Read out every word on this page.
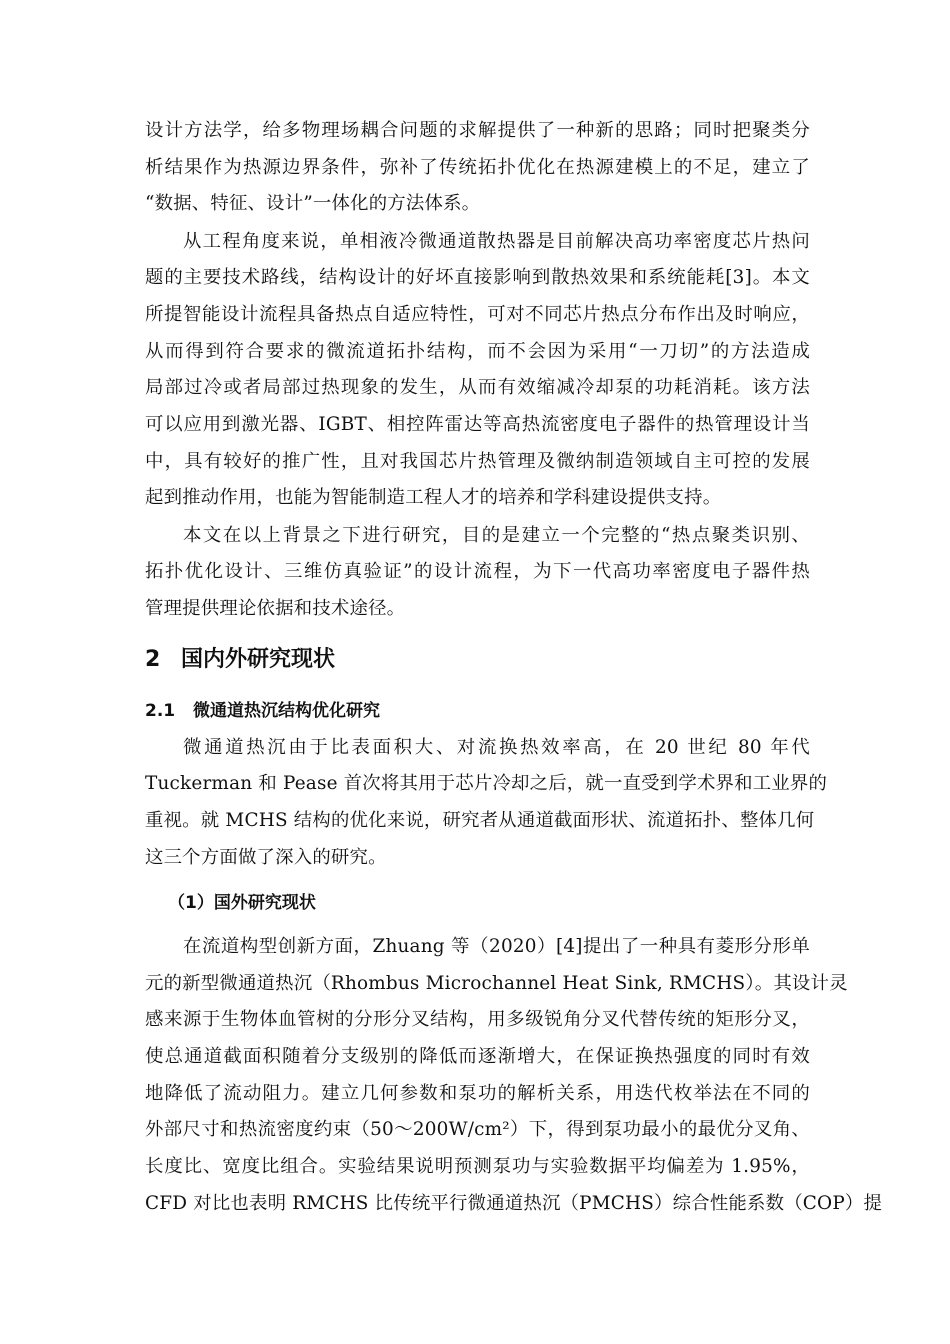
设计方法学，给多物理场耦合问题的求解提供了一种新的思路；同时把聚类分
析结果作为热源边界条件，弥补了传统拓扑优化在热源建模上的不足，建立了
“数据、特征、设计”一体化的方法体系。
从工程角度来说，单相液冷微通道散热器是目前解决高功率密度芯片热问
题的主要技术路线，结构设计的好坏直接影响到散热效果和系统能耗[3]。本文
所提智能设计流程具备热点自适应特性，可对不同芯片热点分布作出及时响应，
从而得到符合要求的微流道拓扑结构，而不会因为采用“一刀切”的方法造成
局部过冷或者局部过热现象的发生，从而有效缩减冷却泵的功耗消耗。该方法
可以应用到激光器、IGBT、相控阵雷达等高热流密度电子器件的热管理设计当
中，具有较好的推广性，且对我国芯片热管理及微纳制造领域自主可控的发展
起到推动作用，也能为智能制造工程人才的培养和学科建设提供支持。
本文在以上背景之下进行研究，目的是建立一个完整的“热点聚类识别、
拓扑优化设计、三维仿真验证”的设计流程，为下一代高功率密度电子器件热
管理提供理论依据和技术途径。
2 国内外研究现状
2.1 微通道热沉结构优化研究
微通道热沉由于比表面积大、对流换热效率高，在 20 世纪 80 年代
Tuckerman 和 Pease 首次将其用于芯片冷却之后，就一直受到学术界和工业界的
重视。就 MCHS 结构的优化来说，研究者从通道截面形状、流道拓扑、整体几何
这三个方面做了深入的研究。
（1）国外研究现状
在流道构型创新方面，Zhuang 等（2020）[4]提出了一种具有菱形分形单
元的新型微通道热沉（Rhombus Microchannel Heat Sink, RMCHS）。其设计灵
感来源于生物体血管树的分形分叉结构，用多级锐角分叉代替传统的矩形分叉，
使总通道截面积随着分支级别的降低而逐渐增大，在保证换热强度的同时有效
地降低了流动阻力。建立几何参数和泵功的解析关系，用迭代枚举法在不同的
外部尺寸和热流密度约束（50～200W/cm²）下，得到泵功最小的最优分叉角、
长度比、宽度比组合。实验结果说明预测泵功与实验数据平均偏差为 1.95%，
CFD 对比也表明 RMCHS 比传统平行微通道热沉（PMCHS）综合性能系数（COP）提
